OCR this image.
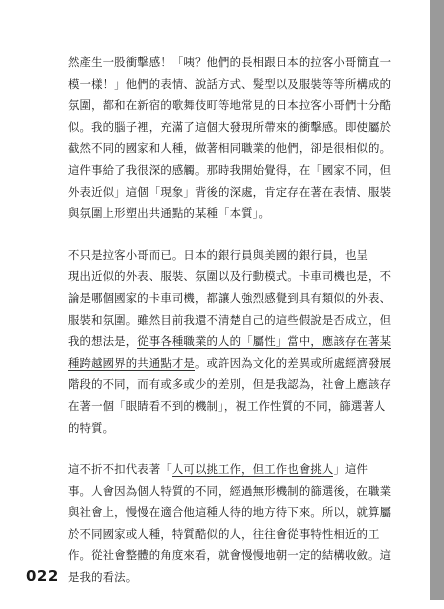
然產生一股衝擊感！「咦？他們的長相跟日本的拉客小哥簡直一
模一樣！」他們的表情、說話方式、髮型以及服裝等等所構成的
氛圍，都和在新宿的歌舞伎町等地常見的日本拉客小哥們十分酷
似。我的腦子裡，充滿了這個大發現所帶來的衝擊感。即使屬於
截然不同的國家和人種，做著相同職業的他們，卻是很相似的。
這件事給了我很深的感觸。那時我開始覺得，在「國家不同，但
外表近似」這個「現象」背後的深處，肯定存在著在表情、服裝
與氛圍上形塑出共通點的某種「本質」。
不只是拉客小哥而已。日本的銀行員與美國的銀行員，也呈
現出近似的外表、服裝、氛圍以及行動模式。卡車司機也是，不
論是哪個國家的卡車司機，都讓人強烈感覺到具有類似的外表、
服裝和氛圍。雖然目前我還不清楚自己的這些假說是否成立，但
我的想法是，從事各種職業的人的「屬性」當中，應該存在著某
種跨越國界的共通點才是。或許因為文化的差異或所處經濟發展
階段的不同，而有或多或少的差別，但是我認為，社會上應該存
在著一個「眼睛看不到的機制」，視工作性質的不同，篩選著人
的特質。
這不折不扣代表著「人可以挑工作，但工作也會挑人」這件
事。人會因為個人特質的不同，經過無形機制的篩選後，在職業
與社會上，慢慢在適合他這種人待的地方待下來。所以，就算屬
於不同國家或人種，特質酷似的人，往往會從事特性相近的工
作。從社會整體的角度來看，就會慢慢地朝一定的結構收斂。這
是我的看法。
022
